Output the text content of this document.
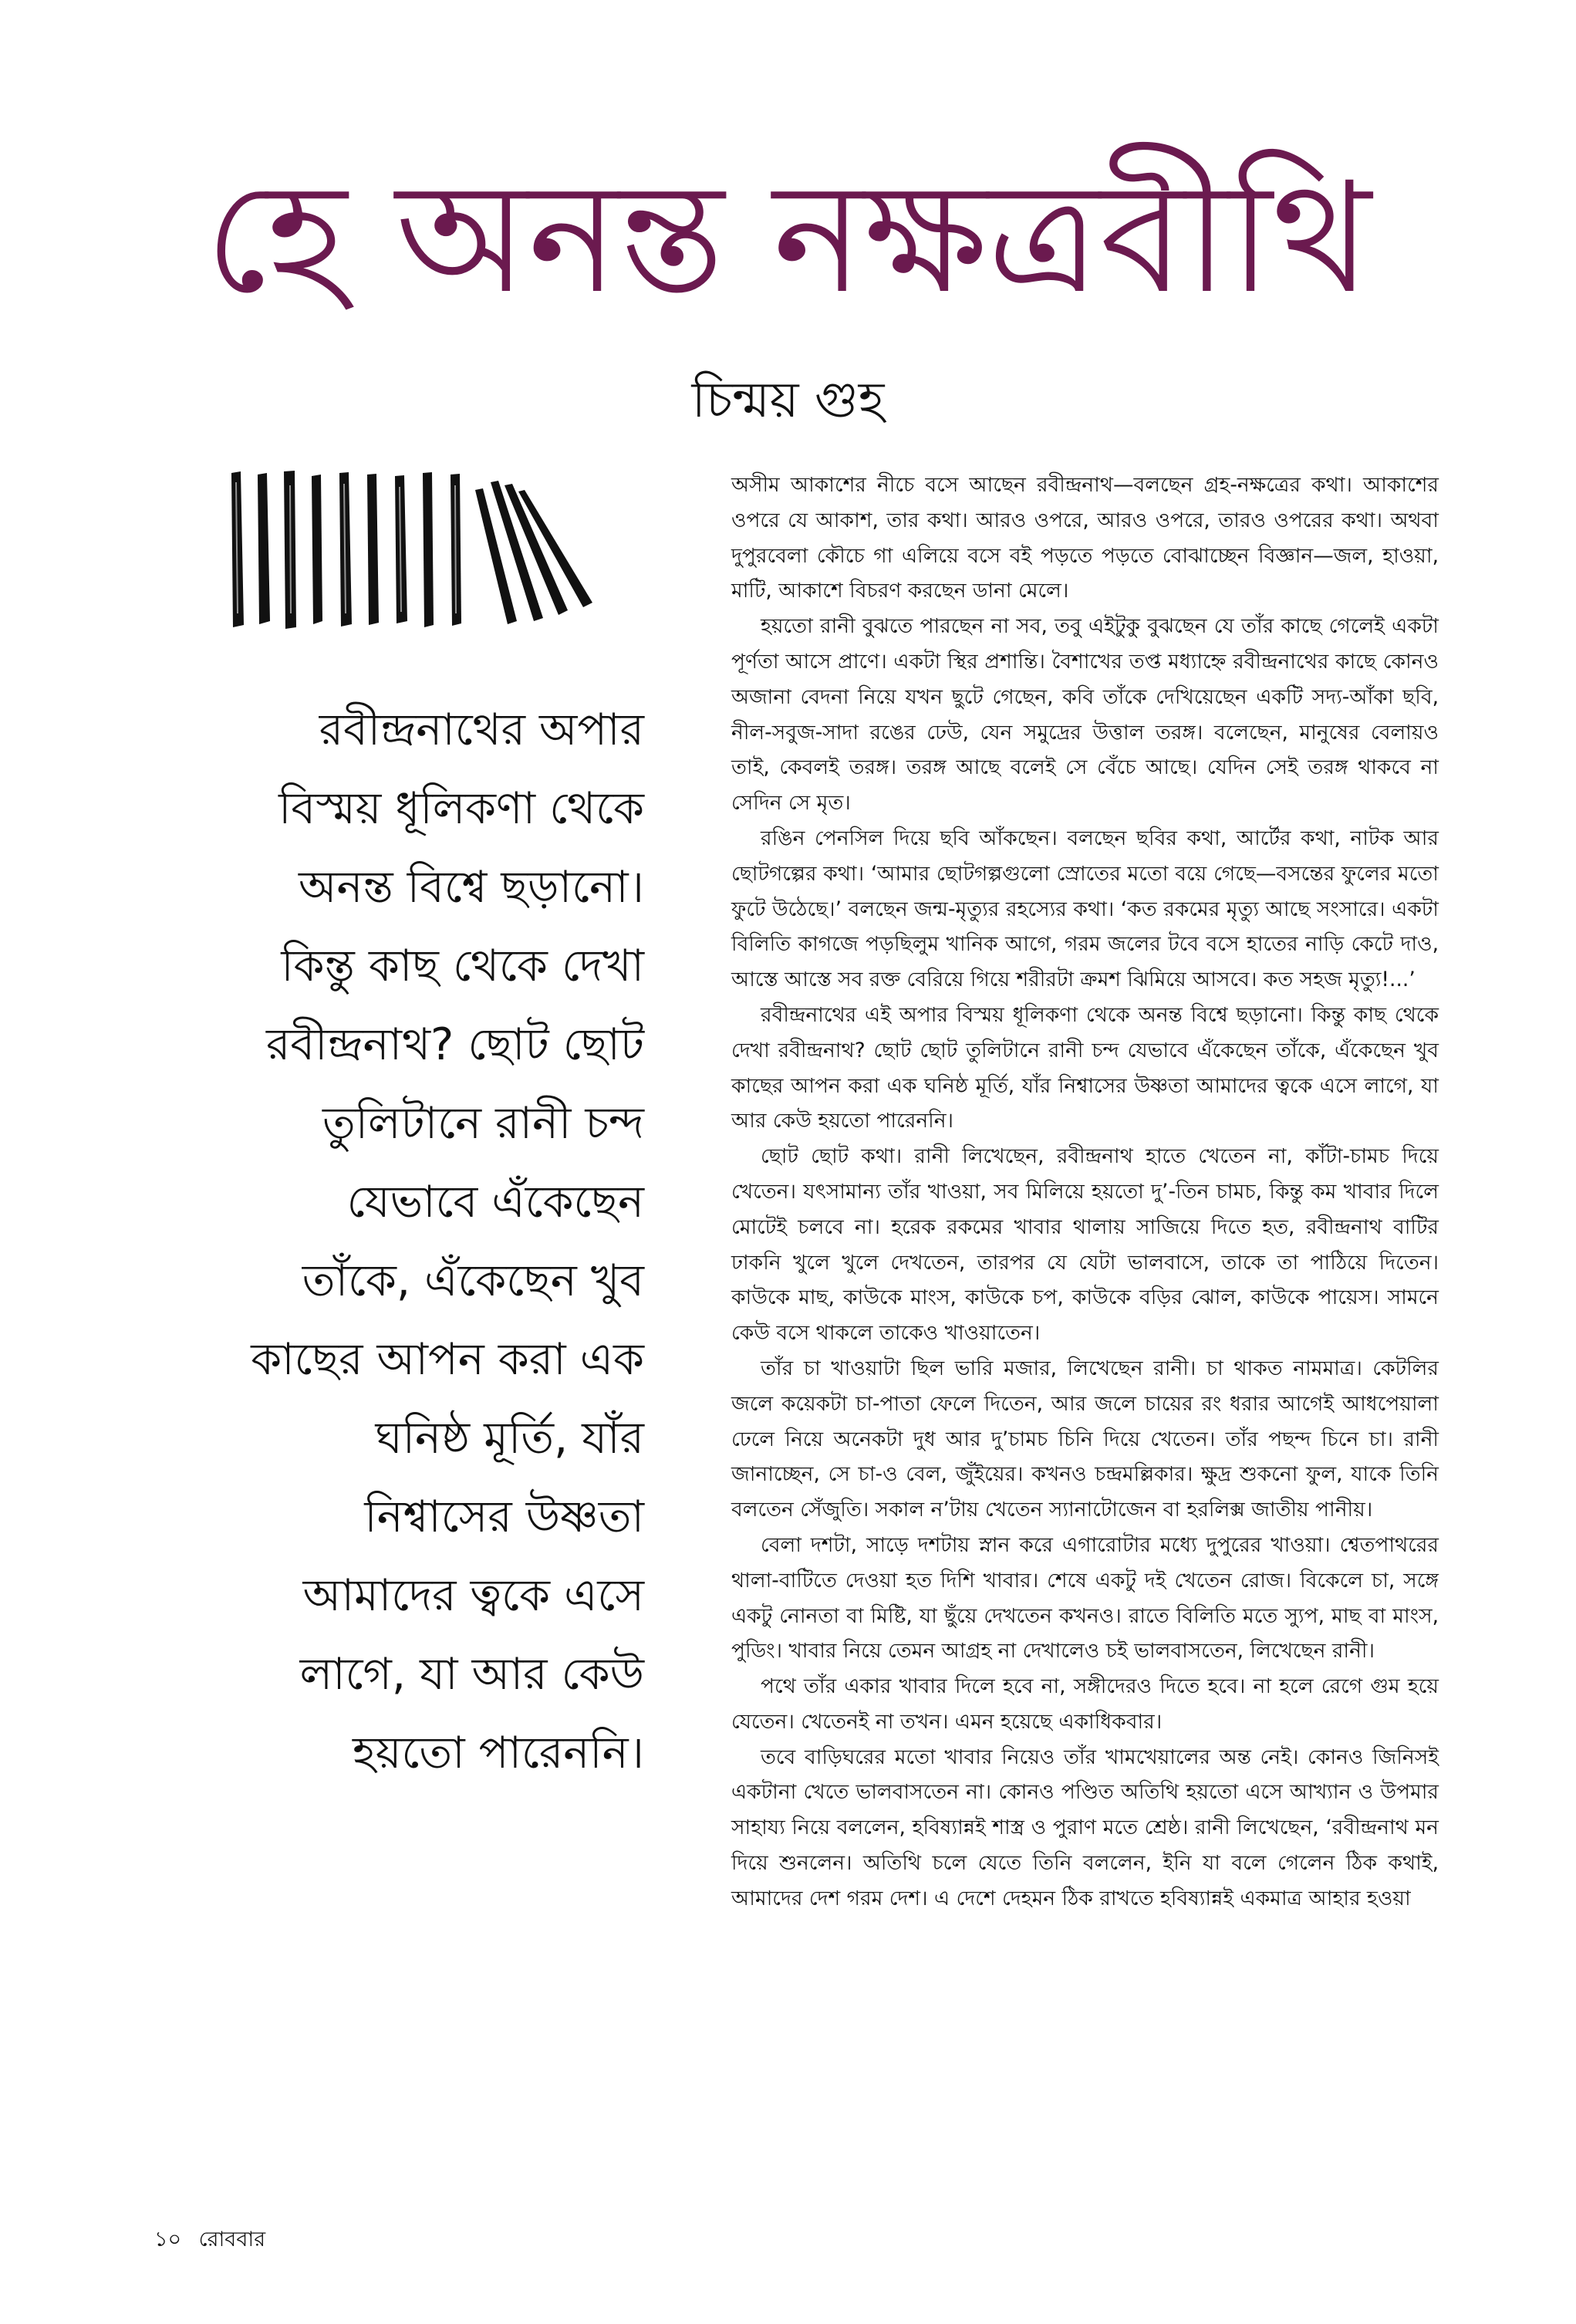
হে অনন্ত নক্ষত্রবীথি
চিন্ময় গুহ
রবীন্দ্রনাথের অপার
বিস্ময় ধূলিকণা থেকে
অনন্ত বিশ্বে ছড়ানো।
কিন্তু কাছ থেকে দেখা
রবীন্দ্রনাথ? ছোট ছোট
তুলিটানে রানী চন্দ
যেভাবে এঁকেছেন
তাঁকে, এঁকেছেন খুব
কাছের আপন করা এক
ঘনিষ্ঠ মূর্তি, যাঁর
নিশ্বাসের উষ্ণতা
আমাদের ত্বকে এসে
লাগে, যা আর কেউ
হয়তো পারেননি।

অসীম আকাশের নীচে বসে আছেন রবীন্দ্রনাথ—বলছেন গ্রহ-নক্ষত্রের কথা। আকাশের ওপরে যে আকাশ, তার কথা। আরও ওপরে, আরও ওপরে, তারও ওপরের কথা। অথবা দুপুরবেলা কৌচে গা এলিয়ে বসে বই পড়তে পড়তে বোঝাচ্ছেন বিজ্ঞান—জল, হাওয়া, মাটি, আকাশে বিচরণ করছেন ডানা মেলে।

হয়তো রানী বুঝতে পারছেন না সব, তবু এইটুকু বুঝছেন যে তাঁর কাছে গেলেই একটা পূর্ণতা আসে প্রাণে। একটা স্থির প্রশান্তি। বৈশাখের তপ্ত মধ্যাহ্নে রবীন্দ্রনাথের কাছে কোনও অজানা বেদনা নিয়ে যখন ছুটে গেছেন, কবি তাঁকে দেখিয়েছেন একটি সদ্য-আঁকা ছবি, নীল-সবুজ-সাদা রঙের ঢেউ, যেন সমুদ্রের উত্তাল তরঙ্গ। বলেছেন, মানুষের বেলায়ও তাই, কেবলই তরঙ্গ। তরঙ্গ আছে বলেই সে বেঁচে আছে। যেদিন সেই তরঙ্গ থাকবে না সেদিন সে মৃত।

রঙিন পেনসিল দিয়ে ছবি আঁকছেন। বলছেন ছবির কথা, আর্টের কথা, নাটক আর ছোটগল্পের কথা। ‘আমার ছোটগল্পগুলো স্রোতের মতো বয়ে গেছে—বসন্তের ফুলের মতো ফুটে উঠেছে।’ বলছেন জন্ম-মৃত্যুর রহস্যের কথা। ‘কত রকমের মৃত্যু আছে সংসারে। একটা বিলিতি কাগজে পড়ছিলুম খানিক আগে, গরম জলের টবে বসে হাতের নাড়ি কেটে দাও, আস্তে আস্তে সব রক্ত বেরিয়ে গিয়ে শরীরটা ক্রমশ ঝিমিয়ে আসবে। কত সহজ মৃত্যু!...’

রবীন্দ্রনাথের এই অপার বিস্ময় ধূলিকণা থেকে অনন্ত বিশ্বে ছড়ানো। কিন্তু কাছ থেকে দেখা রবীন্দ্রনাথ? ছোট ছোট তুলিটানে রানী চন্দ যেভাবে এঁকেছেন তাঁকে, এঁকেছেন খুব কাছের আপন করা এক ঘনিষ্ঠ মূর্তি, যাঁর নিশ্বাসের উষ্ণতা আমাদের ত্বকে এসে লাগে, যা আর কেউ হয়তো পারেননি।

ছোট ছোট কথা। রানী লিখেছেন, রবীন্দ্রনাথ হাতে খেতেন না, কাঁটা-চামচ দিয়ে খেতেন। যৎসামান্য তাঁর খাওয়া, সব মিলিয়ে হয়তো দু’-তিন চামচ, কিন্তু কম খাবার দিলে মোটেই চলবে না। হরেক রকমের খাবার থালায় সাজিয়ে দিতে হত, রবীন্দ্রনাথ বাটির ঢাকনি খুলে খুলে দেখতেন, তারপর যে যেটা ভালবাসে, তাকে তা পাঠিয়ে দিতেন। কাউকে মাছ, কাউকে মাংস, কাউকে চপ, কাউকে বড়ির ঝোল, কাউকে পায়েস। সামনে কেউ বসে থাকলে তাকেও খাওয়াতেন।

তাঁর চা খাওয়াটা ছিল ভারি মজার, লিখেছেন রানী। চা থাকত নামমাত্র। কেটলির জলে কয়েকটা চা-পাতা ফেলে দিতেন, আর জলে চায়ের রং ধরার আগেই আধপেয়ালা ঢেলে নিয়ে অনেকটা দুধ আর দু’চামচ চিনি দিয়ে খেতেন। তাঁর পছন্দ চিনে চা। রানী জানাচ্ছেন, সে চা-ও বেল, জুঁইয়ের। কখনও চন্দ্রমল্লিকার। ক্ষুদ্র শুকনো ফুল, যাকে তিনি বলতেন সেঁজুতি। সকাল ন’টায় খেতেন স্যানাটোজেন বা হরলিক্স জাতীয় পানীয়।

বেলা দশটা, সাড়ে দশটায় স্নান করে এগারোটার মধ্যে দুপুরের খাওয়া। শ্বেতপাথরের থালা-বাটিতে দেওয়া হত দিশি খাবার। শেষে একটু দই খেতেন রোজ। বিকেলে চা, সঙ্গে একটু নোনতা বা মিষ্টি, যা ছুঁয়ে দেখতেন কখনও। রাতে বিলিতি মতে স্যুপ, মাছ বা মাংস, পুডিং। খাবার নিয়ে তেমন আগ্রহ না দেখালেও চই ভালবাসতেন, লিখেছেন রানী।

পথে তাঁর একার খাবার দিলে হবে না, সঙ্গীদেরও দিতে হবে। না হলে রেগে গুম হয়ে যেতেন। খেতেনই না তখন। এমন হয়েছে একাধিকবার।

তবে বাড়িঘরের মতো খাবার নিয়েও তাঁর খামখেয়ালের অন্ত নেই। কোনও জিনিসই একটানা খেতে ভালবাসতেন না। কোনও পণ্ডিত অতিথি হয়তো এসে আখ্যান ও উপমার সাহায্য নিয়ে বললেন, হবিষ্যান্নই শাস্ত্র ও পুরাণ মতে শ্রেষ্ঠ। রানী লিখেছেন, ‘রবীন্দ্রনাথ মন দিয়ে শুনলেন। অতিথি চলে যেতে তিনি বললেন, ইনি যা বলে গেলেন ঠিক কথাই, আমাদের দেশ গরম দেশ। এ দেশে দেহমন ঠিক রাখতে হবিষ্যান্নই একমাত্র আহার হওয়া

১০ রোববার
